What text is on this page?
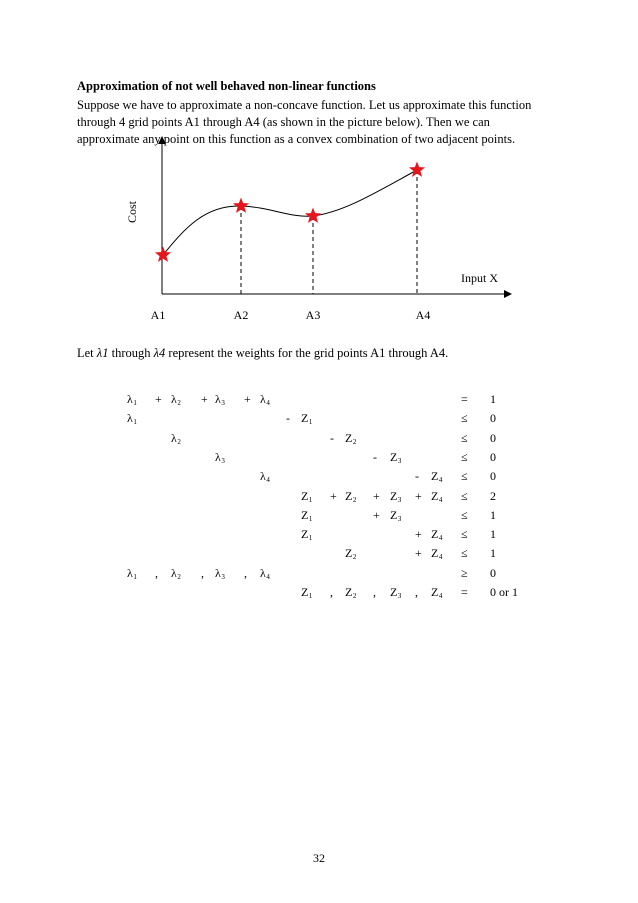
Approximation of not well behaved non-linear functions
Suppose we have to approximate a non-concave function. Let us approximate this function
through 4 grid points A1 through A4 (as shown in the picture below). Then we can
approximate any point on this function as a convex combination of two adjacent points.
Cost
Input X
A1	A2	A3	A4
Let λ1 through λ4 represent the weights for the grid points A1 through A4.
$\lambda_1 + \lambda_2 + \lambda_3 + \lambda_4$	= 1
$\lambda_1$	- $Z_1$	≤ 0
$\lambda_2$	- $Z_2$	≤ 0
$\lambda_3$	- $Z_3$	≤ 0
$\lambda_4$	- $Z_4 \le 0$
$Z_1 + Z_2 + Z_3 + Z_4 \le 2$
$Z_1$	+ $Z_3$	≤ 1
$Z_1$	+ $Z_4 \le 1$
$Z_2$	+ $Z_4 \le 1$
$\lambda_1$ , $\lambda_2$ , $\lambda_3$ , $\lambda_4$	≥ 0
$Z_1$ , $Z_2$ , $Z_3$ , $Z_4 = 0$ or 1
32
